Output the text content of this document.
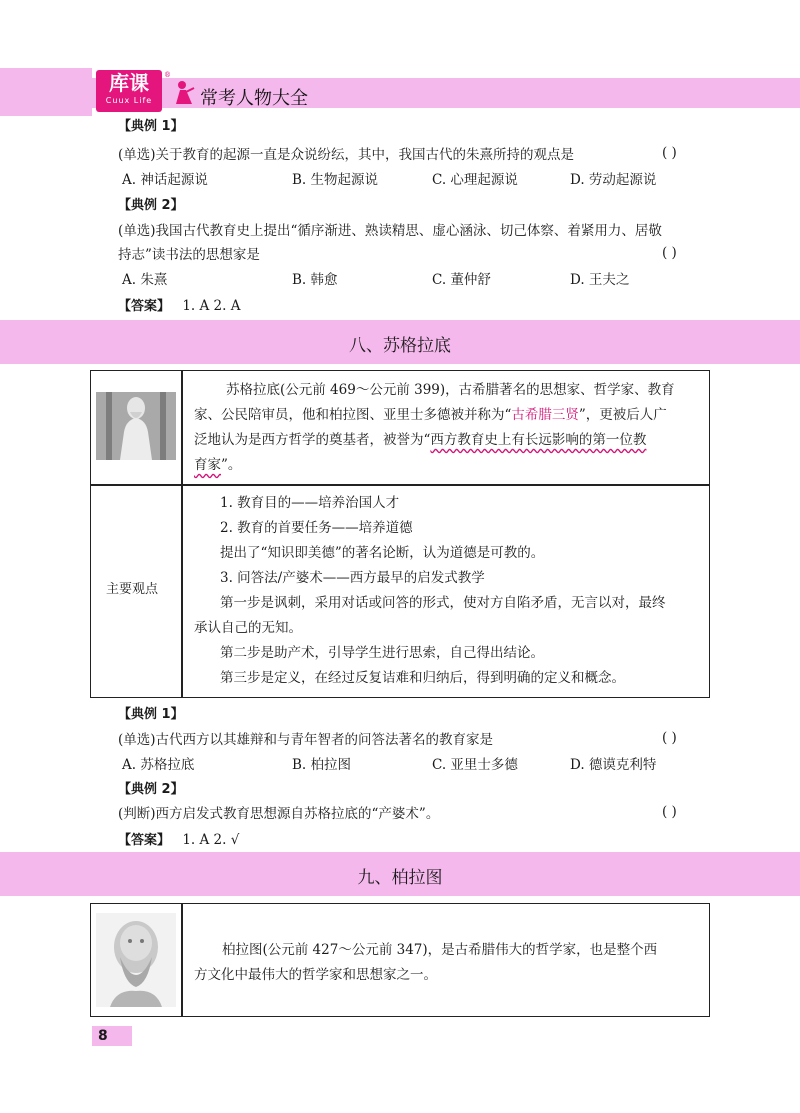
库课
Cuux Life
®
常考人物大全
【典例 1】
(单选)关于教育的起源一直是众说纷纭，其中，我国古代的朱熹所持的观点是	( )
A. 神话起源说	B. 生物起源说	C. 心理起源说	D. 劳动起源说
【典例 2】
(单选)我国古代教育史上提出“循序渐进、熟读精思、虚心涵泳、切己体察、着紧用力、居敬
持志”读书法的思想家是	( )
A. 朱熹	B. 韩愈	C. 董仲舒	D. 王夫之
【答案】 1. A 2. A
八、苏格拉底
苏格拉底(公元前 469～公元前 399)，古希腊著名的思想家、哲学家、教育
家、公民陪审员，他和柏拉图、亚里士多德被并称为“古希腊三贤”，更被后人广
泛地认为是西方哲学的奠基者，被誉为“西方教育史上有长远影响的第一位教
育家”。
主要观点
1. 教育目的——培养治国人才
2. 教育的首要任务——培养道德
提出了“知识即美德”的著名论断，认为道德是可教的。
3. 问答法/产婆术——西方最早的启发式教学
第一步是讽刺，采用对话或问答的形式，使对方自陷矛盾，无言以对，最终
承认自己的无知。
第二步是助产术，引导学生进行思索，自己得出结论。
第三步是定义，在经过反复诘难和归纳后，得到明确的定义和概念。
【典例 1】
(单选)古代西方以其雄辩和与青年智者的问答法著名的教育家是	( )
A. 苏格拉底	B. 柏拉图	C. 亚里士多德	D. 德谟克利特
【典例 2】
(判断)西方启发式教育思想源自苏格拉底的“产婆术”。	( )
【答案】 1. A 2. √
九、柏拉图
柏拉图(公元前 427～公元前 347)，是古希腊伟大的哲学家，也是整个西
方文化中最伟大的哲学家和思想家之一。
8
